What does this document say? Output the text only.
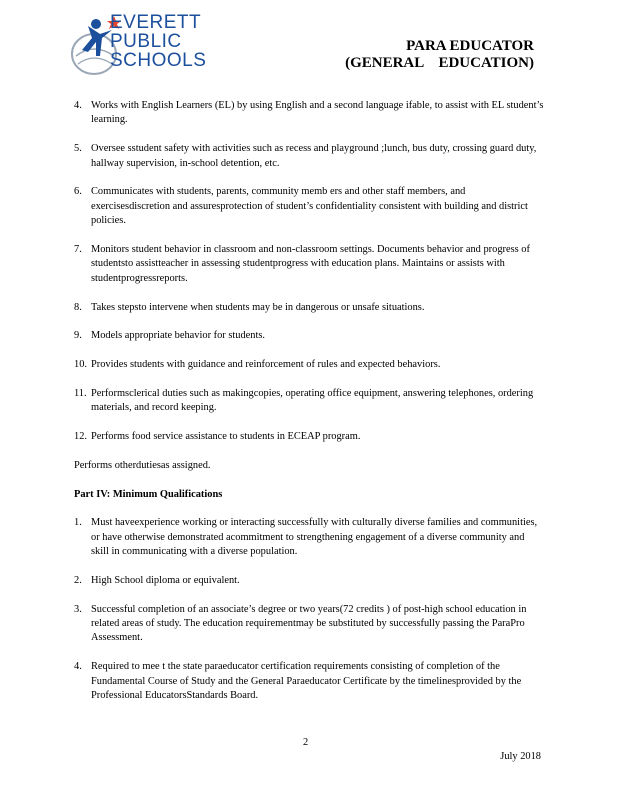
EVERETT
PUBLIC
SCHOOLS
PARA EDUCATOR
(GENERAL    EDUCATION)
4. Works with English Learners (EL) by using English and a second language ifable, to assist with EL student’s learning.
5. Oversee sstudent safety with activities such as recess and playground ;lunch, bus duty, crossing guard duty, hallway supervision, in-school detention, etc.
6. Communicates with students, parents, community memb ers and other staff members, and exercisesdiscretion and assuresprotection of student’s confidentiality consistent with building and district policies.
7. Monitors student behavior in classroom and non-classroom settings. Documents behavior and progress of studentsto assistteacher in assessing studentprogress with education plans. Maintains or assists with studentprogressreports.
8. Takes stepsto intervene when students may be in dangerous or unsafe situations.
9. Models appropriate behavior for students.
10. Provides students with guidance and reinforcement of rules and expected behaviors.
11. Performsclerical duties such as makingcopies, operating office equipment, answering telephones, ordering materials, and record keeping.
12. Performs food service assistance to students in ECEAP program.

Performs otherdutiesas assigned.

Part IV: Minimum Qualifications
1. Must haveexperience working or interacting successfully with culturally diverse families and communities, or have otherwise demonstrated acommitment to strengthening engagement of a diverse community and skill in communicating with a diverse population.
2. High School diploma or equivalent.
3. Successful completion of an associate’s degree or two years(72 credits ) of post-high school education in related areas of study. The education requirementmay be substituted by successfully passing the ParaPro Assessment.
4. Required to mee t the state paraeducator certification requirements consisting of completion of the Fundamental Course of Study and the General Paraeducator Certificate by the timelinesprovided by the Professional EducatorsStandards Board.
2
July 2018
